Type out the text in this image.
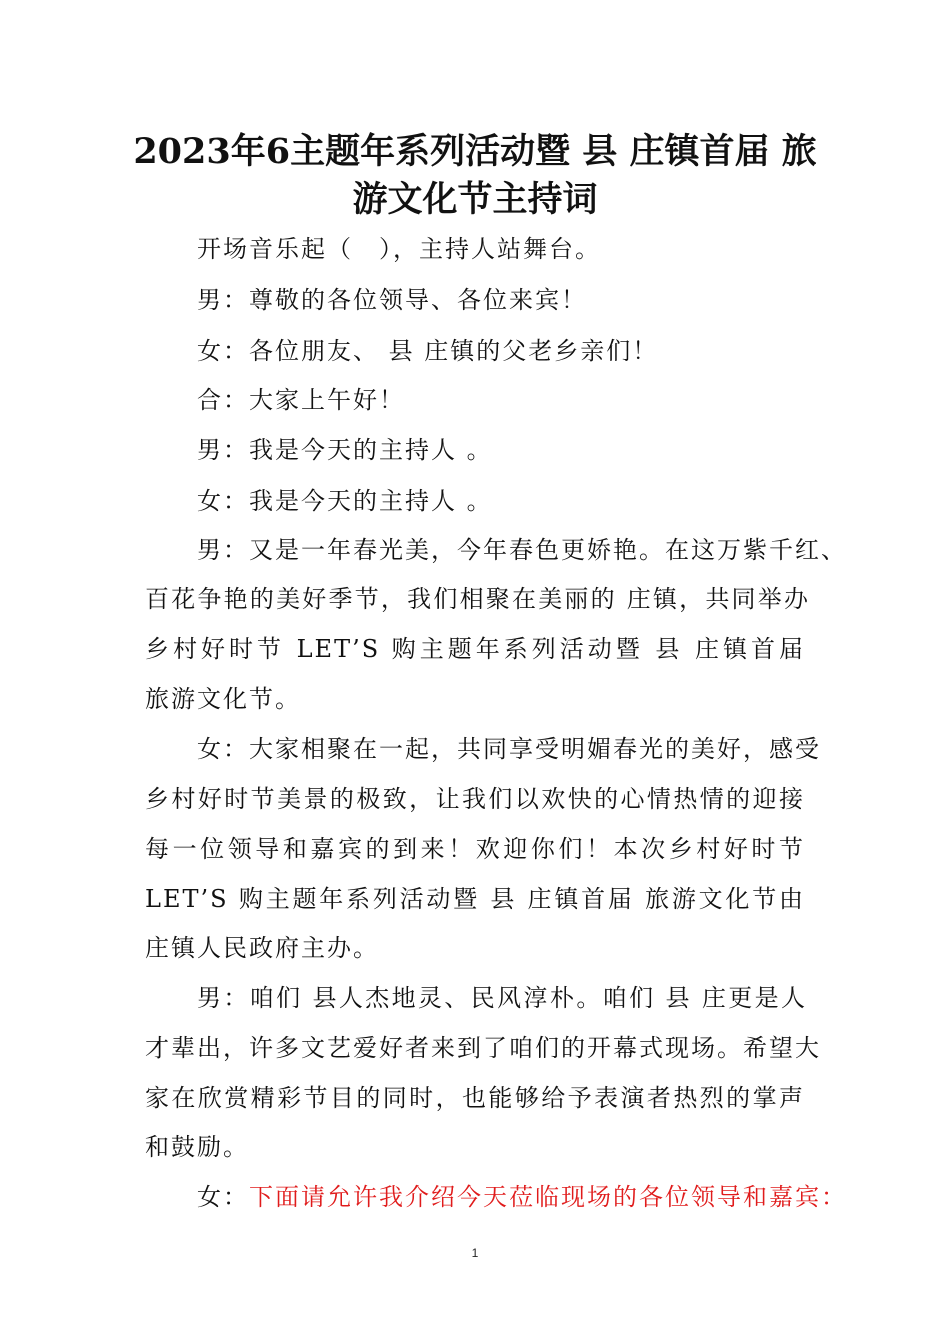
2023年6主题年系列活动暨 县 庄镇首届 旅
游文化节主持词

开场音乐起（　），主持人站舞台。

男：尊敬的各位领导、各位来宾！

女：各位朋友、 县 庄镇的父老乡亲们！

合：大家上午好！

男：我是今天的主持人 。

女：我是今天的主持人 。

男：又是一年春光美，今年春色更娇艳。在这万紫千红、

百花争艳的美好季节，我们相聚在美丽的 庄镇，共同举办

乡村好时节 LET’S 购主题年系列活动暨 县 庄镇首届

旅游文化节。

女：大家相聚在一起，共同享受明媚春光的美好，感受

乡村好时节美景的极致，让我们以欢快的心情热情的迎接

每一位领导和嘉宾的到来！欢迎你们！本次乡村好时节

LET’S 购主题年系列活动暨 县 庄镇首届 旅游文化节由

庄镇人民政府主办。

男：咱们 县人杰地灵、民风淳朴。咱们 县 庄更是人

才辈出，许多文艺爱好者来到了咱们的开幕式现场。希望大

家在欣赏精彩节目的同时，也能够给予表演者热烈的掌声

和鼓励。

女：下面请允许我介绍今天莅临现场的各位领导和嘉宾：

1
